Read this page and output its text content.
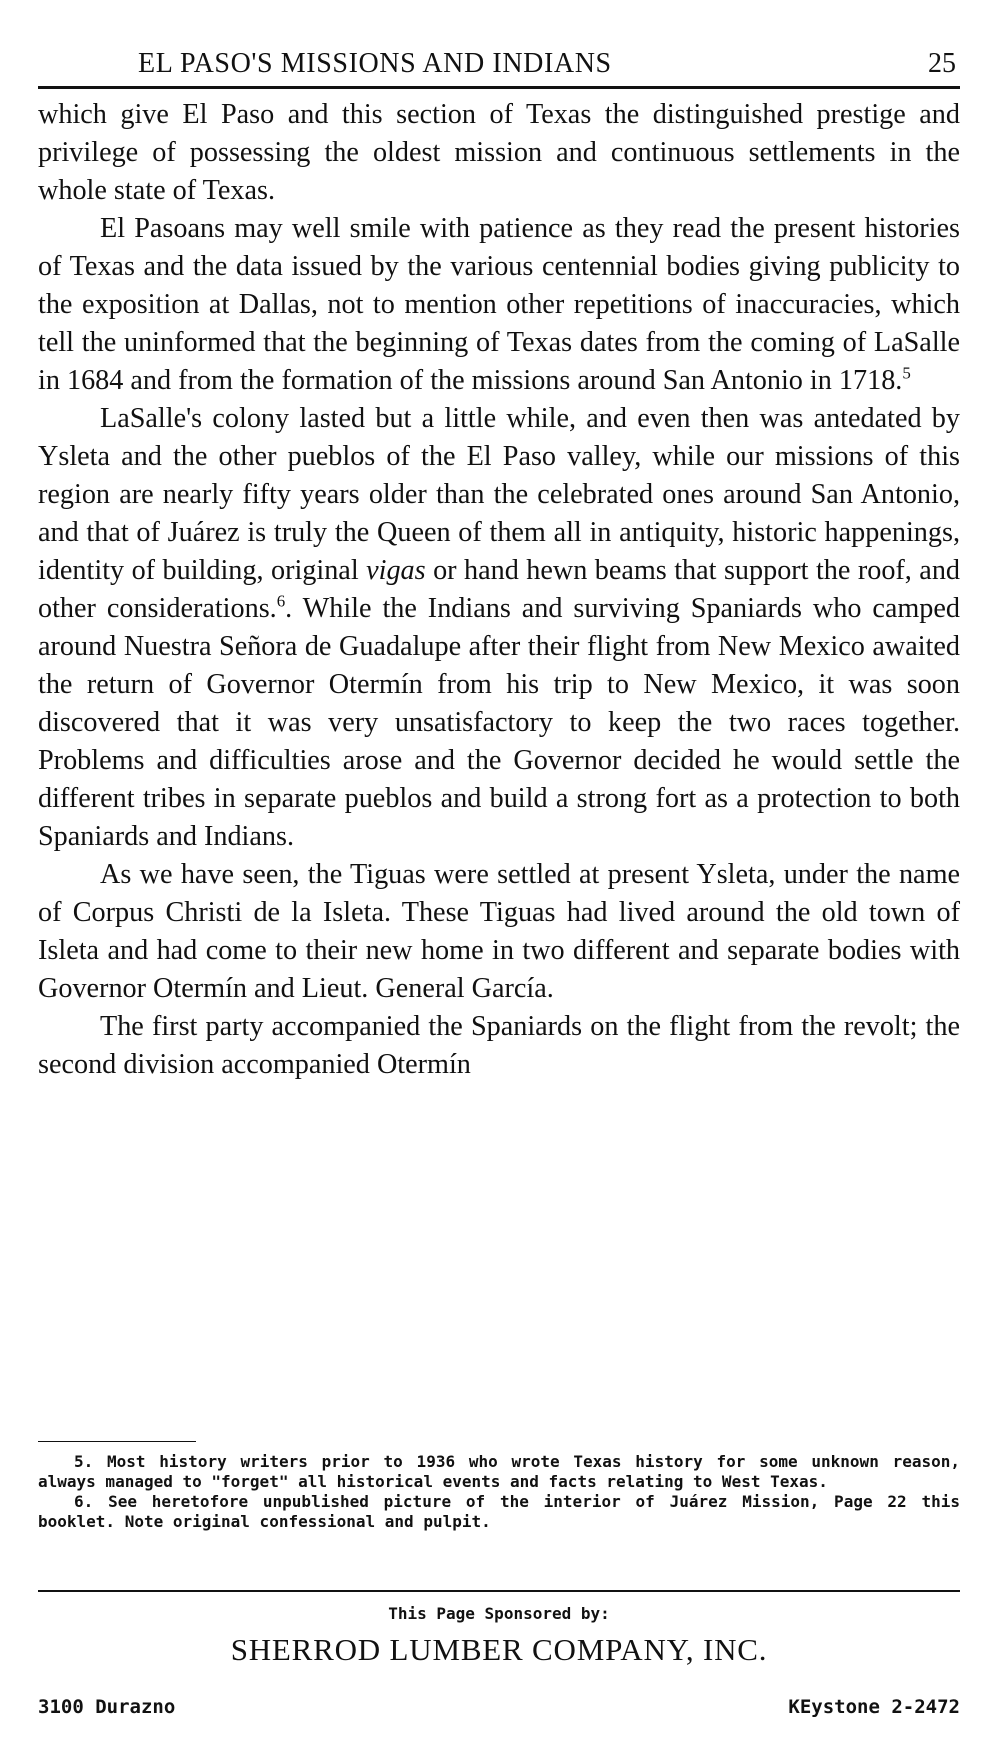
EL PASO'S MISSIONS AND INDIANS	25

which give El Paso and this section of Texas the distinguished prestige and privilege of possessing the oldest mission and continuous settlements in the whole state of Texas.

El Pasoans may well smile with patience as they read the present histories of Texas and the data issued by the various centennial bodies giving publicity to the exposition at Dallas, not to mention other repetitions of inaccuracies, which tell the uninformed that the beginning of Texas dates from the coming of LaSalle in 1684 and from the formation of the missions around San Antonio in 1718.$^5$

LaSalle's colony lasted but a little while, and even then was antedated by Ysleta and the other pueblos of the El Paso valley, while our missions of this region are nearly fifty years older than the celebrated ones around San Antonio, and that of Juárez is truly the Queen of them all in antiquity, historic happenings, identity of building, original vigas or hand hewn beams that support the roof, and other considerations.$^6$. While the Indians and surviving Spaniards who camped around Nuestra Señora de Guadalupe after their flight from New Mexico awaited the return of Governor Otermín from his trip to New Mexico, it was soon discovered that it was very unsatisfactory to keep the two races together. Problems and difficulties arose and the Governor decided he would settle the different tribes in separate pueblos and build a strong fort as a protection to both Spaniards and Indians.

As we have seen, the Tiguas were settled at present Ysleta, under the name of Corpus Christi de la Isleta. These Tiguas had lived around the old town of Isleta and had come to their new home in two different and separate bodies with Governor Otermín and Lieut. General García.

The first party accompanied the Spaniards on the flight from the revolt; the second division accompanied Otermín

5. Most history writers prior to 1936 who wrote Texas history for some unknown reason, always managed to "forget" all historical events and facts relating to West Texas.

6. See heretofore unpublished picture of the interior of Juárez Mission, Page 22 this booklet. Note original confessional and pulpit.

This Page Sponsored by:
SHERROD LUMBER COMPANY, INC.
3100 Durazno	KEystone 2-2472
